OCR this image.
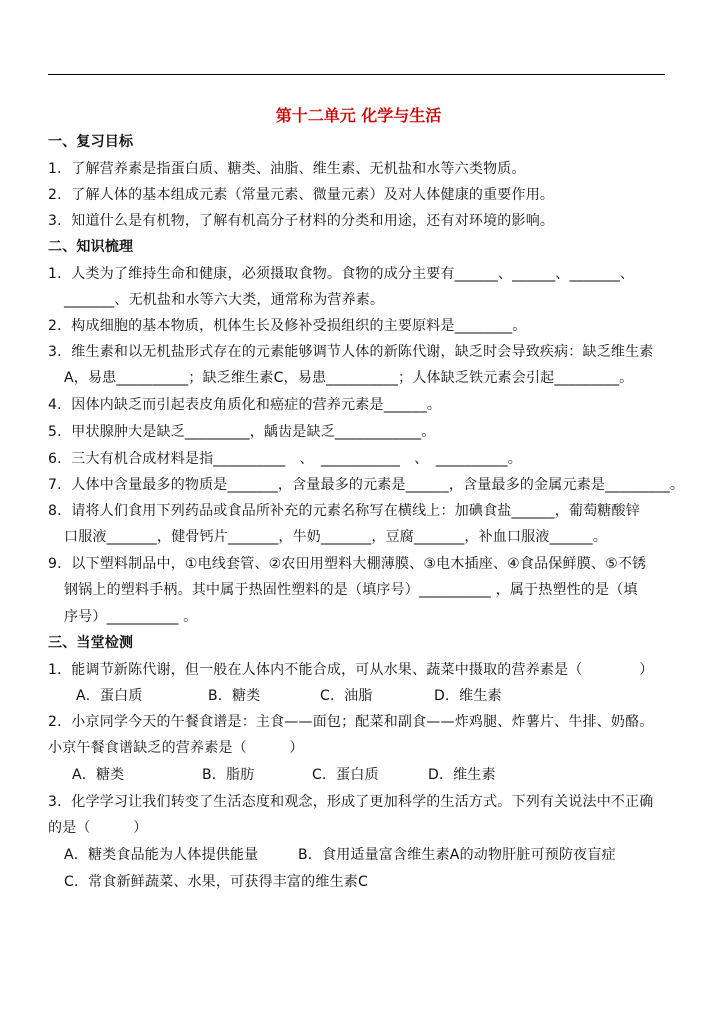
第十二单元 化学与生活
一、复习目标
1．了解营养素是指蛋白质、糖类、油脂、维生素、无机盐和水等六类物质。
2．了解人体的基本组成元素（常量元素、微量元素）及对人体健康的重要作用。
3．知道什么是有机物，了解有机高分子材料的分类和用途，还有对环境的影响。
二、知识梳理
1．人类为了维持生命和健康，必须摄取食物。食物的成分主要有______、______、_______、
_______、无机盐和水等六大类，通常称为营养素。
2．构成细胞的基本物质，机体生长及修补受损组织的主要原料是________。
3．维生素和以无机盐形式存在的元素能够调节人体的新陈代谢，缺乏时会导致疾病：缺乏维生素
A，易患__________；缺乏维生素C，易患__________；人体缺乏铁元素会引起_________。
4．因体内缺乏而引起表皮角质化和癌症的营养元素是______。
5．甲状腺肿大是缺乏_________，龋齿是缺乏____________。
6．三大有机合成材料是指__________　、　___________　、　__________。
7．人体中含量最多的物质是_______，含量最多的元素是______，含量最多的金属元素是_________。
8．请将人们食用下列药品或食品所补充的元素名称写在横线上：加碘食盐______，葡萄糖酸锌
口服液_______，健骨钙片_______，牛奶_______，豆腐_______，补血口服液______。
9．以下塑料制品中，①电线套管、②农田用塑料大棚薄膜、③电木插座、④食品保鲜膜、⑤不锈
钢锅上的塑料手柄。其中属于热固性塑料的是（填序号）__________ ，属于热塑性的是（填
序号）__________ 。
三、当堂检测
1．能调节新陈代谢，但一般在人体内不能合成，可从水果、蔬菜中摄取的营养素是（　　　　）
A．蛋白质	B．糖类	C．油脂	D．维生素
2．小京同学今天的午餐食谱是：主食——面包；配菜和副食——炸鸡腿、炸薯片、牛排、奶酪。
小京午餐食谱缺乏的营养素是（　　　）
A．糖类	B．脂肪	C．蛋白质	D．维生素
3．化学学习让我们转变了生活态度和观念，形成了更加科学的生活方式。下列有关说法中不正确
的是（　　　）
A．糖类食品能为人体提供能量	B．食用适量富含维生素A的动物肝脏可预防夜盲症
C．常食新鲜蔬菜、水果，可获得丰富的维生素C
